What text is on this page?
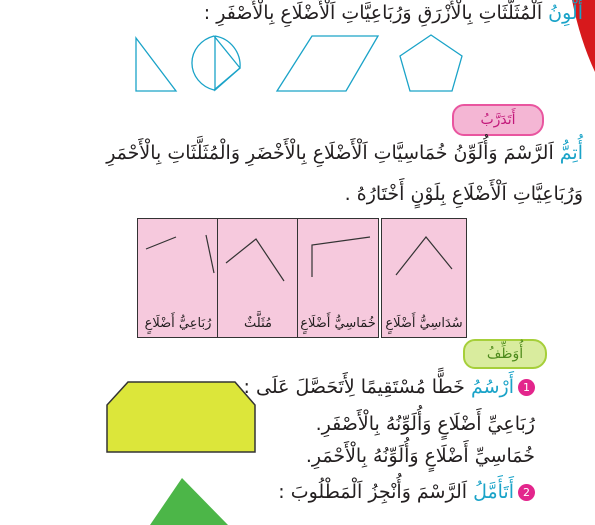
أَلْوِنُ اَلْمُثَلَّثَاتِ بِالْأَزْرَقِ وَرُبَاعِيَّاتِ اَلْأَضْلَاعِ بِالْأَصْفَرِ :
أَتَدَرَّبُ
أُتِمُّ اَلرَّسْمَ وَأُلَوِّنُ خُمَاسِيَّاتِ اَلْأَضْلَاعِ بِالْأَخْضَرِ وَالْمُثَلَّثَاتِ بِالْأَحْمَرِ
وَرُبَاعِيَّاتِ اَلْأَضْلَاعِ بِلَوْنٍ أَخْتَارُهُ .
رُبَاعِيُّ أَضْلَاعٍ	مُثَلَّثٌ	خُمَاسِيُّ أَضْلَاعٍ سُدَاسِيُّ أَضْلَاعٍ
أُوَظِّفُ
1أَرْسُمُ خَطًّا مُسْتَقِيمًا لِأَتَحَصَّلَ عَلَى :
رُبَاعِيِّ أَضْلَاعٍ وَأُلَوِّنُهُ بِالْأَصْفَرِ.
خُمَاسِيِّ أَضْلَاعٍ وَأُلَوِّنُهُ بِالْأَحْمَرِ.
2أَتَأَمَّلُ اَلرَّسْمَ وَأُنْجِزُ اَلْمَطْلُوبَ :
